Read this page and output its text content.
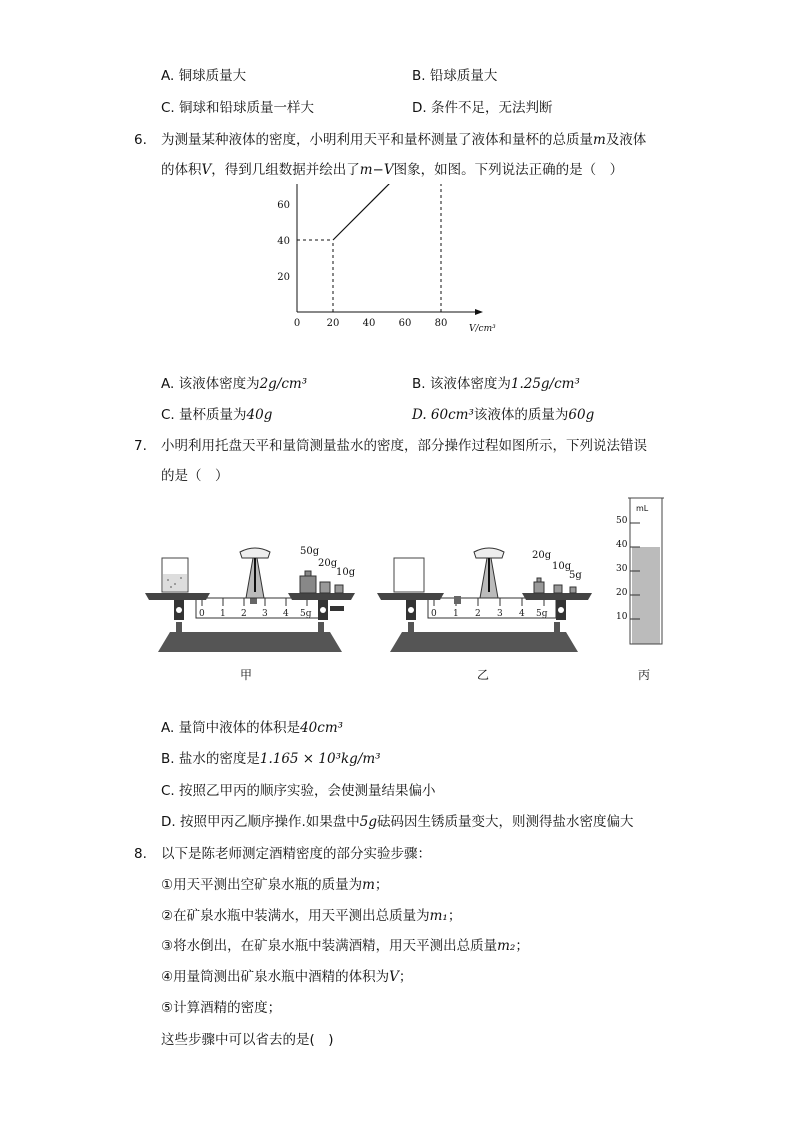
A. 铜球质量大	B. 铅球质量大
C. 铜球和铅球质量一样大	D. 条件不足，无法判断
6. 为测量某种液体的密度，小明利用天平和量杯测量了液体和量杯的总质量m及液体
的体积V，得到几组数据并绘出了m−V图象，如图。下列说法正确的是（　）
V/cm³
0	20 40 60 80
20
40
60
A. 该液体密度为2g/cm³	B. 该液体密度为1.25g/cm³
C. 量杯质量为40g	D. 60cm³该液体的质量为60g
7. 小明利用托盘天平和量筒测量盐水的密度，部分操作过程如图所示，下列说法错误
的是（　）
0 1 2 3 4 5g
50g
20g
10g
甲
0 1 2 3 4 5g
20g
10g
5g
乙
mL
50
40
30
20
10
丙
A. 量筒中液体的体积是40cm³
B. 盐水的密度是1.165 × 10³kg/m³
C. 按照乙甲丙的顺序实验，会使测量结果偏小
D. 按照甲丙乙顺序操作.如果盘中5g砝码因生锈质量变大，则测得盐水密度偏大
8. 以下是陈老师测定酒精密度的部分实验步骤：
①用天平测出空矿泉水瓶的质量为m；
②在矿泉水瓶中装满水，用天平测出总质量为m₁；
③将水倒出，在矿泉水瓶中装满酒精，用天平测出总质量m₂；
④用量筒测出矿泉水瓶中酒精的体积为V；
⑤计算酒精的密度；
这些步骤中可以省去的是(　)
